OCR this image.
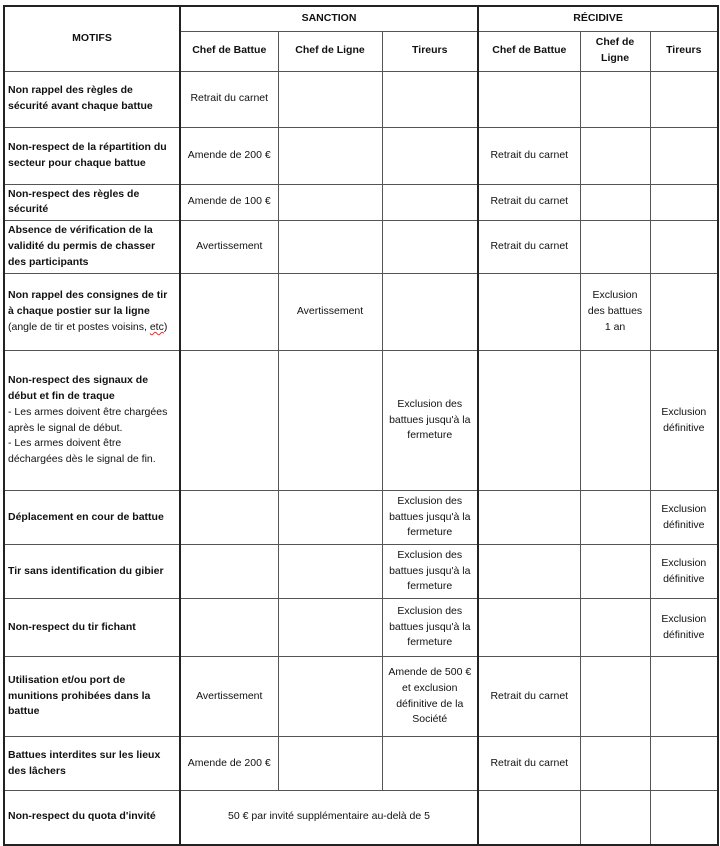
MOTIFS	SANCTION			RÉCIDIVE		
	Chef de Battue	Chef de Ligne	Tireurs	Chef de Battue	Chef de Ligne	Tireurs
Non rappel des règles de sécurité avant chaque battue	Retrait du carnet					
Non-respect de la répartition du secteur pour chaque battue	Amende de 200 €			Retrait du carnet		
Non-respect des règles de sécurité	Amende de 100 €			Retrait du carnet		
Absence de vérification de la validité du permis de chasser des participants	Avertissement			Retrait du carnet		
Non rappel des consignes de tir à chaque postier sur la ligne
(angle de tir et postes voisins, etc)		Avertissement			Exclusion des battues 1 an	
Non-respect des signaux de début et fin de traque
- Les armes doivent être chargées après le signal de début.
- Les armes doivent être déchargées dès le signal de fin.			Exclusion des battues jusqu'à la fermeture			Exclusion définitive
Déplacement en cour de battue			Exclusion des battues jusqu'à la fermeture			Exclusion définitive
Tir sans identification du gibier			Exclusion des battues jusqu'à la fermeture			Exclusion définitive
Non-respect du tir fichant			Exclusion des battues jusqu'à la fermeture			Exclusion définitive
Utilisation et/ou port de munitions prohibées dans la battue	Avertissement		Amende de 500 € et exclusion définitive de la Société	Retrait du carnet		
Battues interdites sur les lieux des lâchers	Amende de 200 €			Retrait du carnet		
Non-respect du quota d'invité	50 € par invité supplémentaire au-delà de 5					
